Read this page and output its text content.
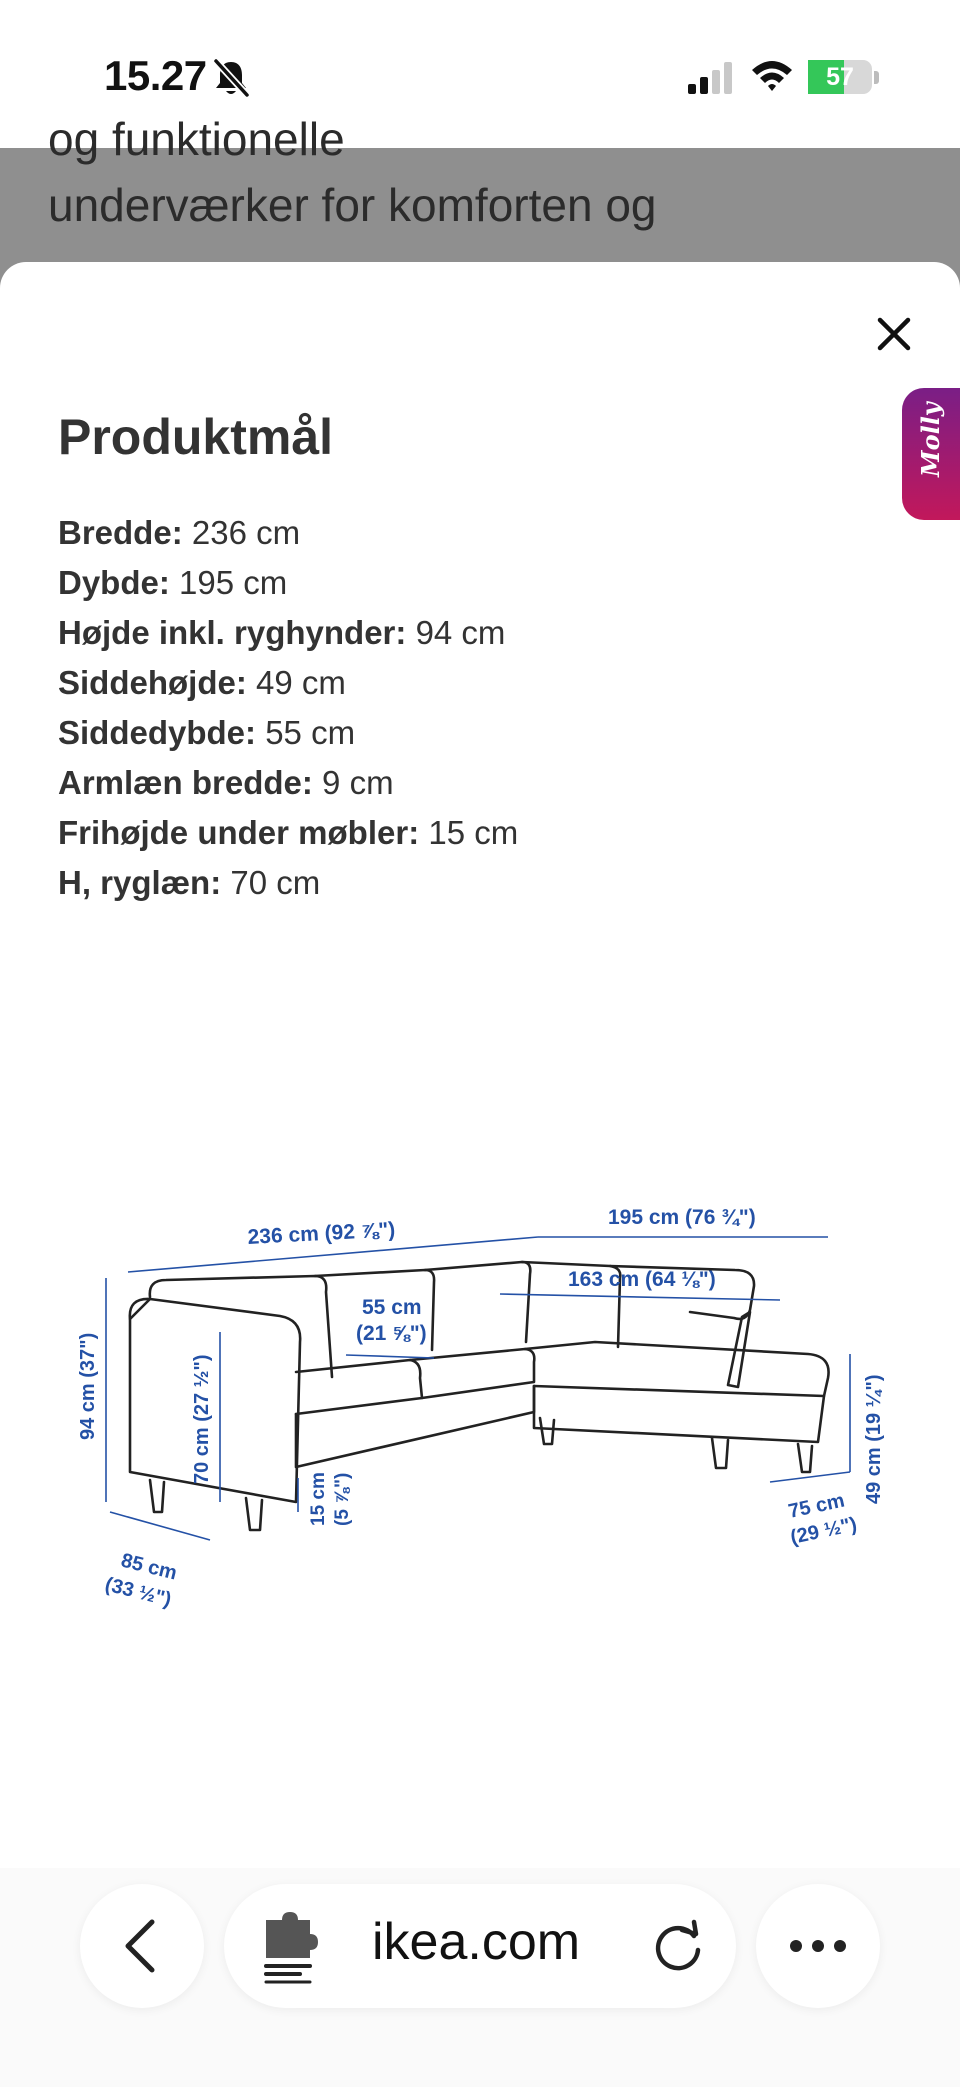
15.27	57
og funktionelle
underværker for komforten og
Molly
Produktmål
Bredde: 236 cm
Dybde: 195 cm
Højde inkl. ryghynder: 94 cm
Siddehøjde: 49 cm
Siddedybde: 55 cm
Armlæn bredde: 9 cm
Frihøjde under møbler: 15 cm
H, ryglæn: 70 cm
236 cm (92 ⅞")
195 cm (76 ¾")
163 cm (64 ⅛")
55 cm
(21 ⅝")
94 cm (37")	70 cm (27 ½")
15 cm (5 ⅞")
85 cm
(33 ½")
75 cm
(29 ½")
49 cm (19 ¼")
ikea.com
